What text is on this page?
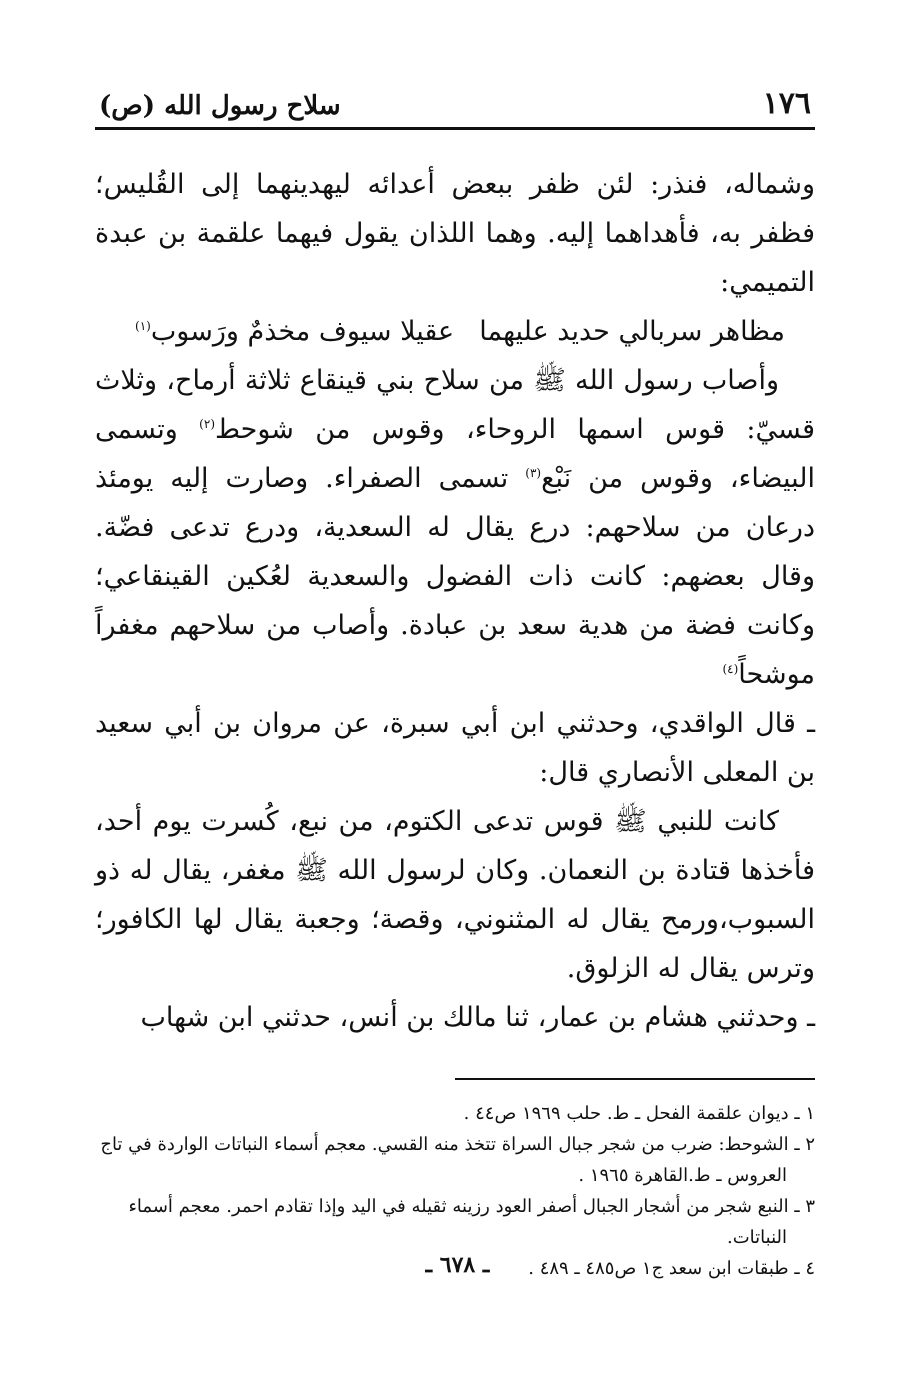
١٧٦
سلاح رسول الله (ص)

وشماله، فنذر: لئن ظفر ببعض أعدائه ليهدينهما إلى القُليس؛ فظفر به، فأهداهما إليه. وهما اللذان يقول فيهما علقمة بن عبدة التميمي:

مظاهر سربالي حديد عليهما
عقيلا سيوف مخذمٌ ورَسوب$^{(١)}$

وأصاب رسول الله ﷺ من سلاح بني قينقاع ثلاثة أرماح، وثلاث قسيّ: قوس اسمها الروحاء، وقوس من شوحط$^{(٢)}$ وتسمى البيضاء، وقوس من نَبْع$^{(٣)}$ تسمى الصفراء. وصارت إليه يومئذ درعان من سلاحهم: درع يقال له السعدية، ودرع تدعى فضّة. وقال بعضهم: كانت ذات الفضول والسعدية لعُكين القينقاعي؛ وكانت فضة من هدية سعد بن عبادة. وأصاب من سلاحهم مغفراً موشحاً$^{(٤)}$

ـ قال الواقدي، وحدثني ابن أبي سبرة، عن مروان بن أبي سعيد بن المعلى الأنصاري قال:

كانت للنبي ﷺ قوس تدعى الكتوم، من نبع، كُسرت يوم أحد، فأخذها قتادة بن النعمان. وكان لرسول الله ﷺ مغفر، يقال له ذو السبوب،ورمح يقال له المثنوني، وقصة؛ وجعبة يقال لها الكافور؛ وترس يقال له الزلوق.

ـ وحدثني هشام بن عمار، ثنا مالك بن أنس، حدثني ابن شهاب

١ ـ ديوان علقمة الفحل ـ ط. حلب ١٩٦٩ ص٤٤ .

٢ ـ الشوحط: ضرب من شجر جبال السراة تتخذ منه القسي. معجم أسماء النباتات الواردة في تاج العروس ـ ط.القاهرة ١٩٦٥ .

٣ ـ النبع شجر من أشجار الجبال أصفر العود رزينه ثقيله في اليد وإذا تقادم احمر. معجم أسماء النباتات.

٤ ـ طبقات ابن سعد ج١ ص٤٨٥ ـ ٤٨٩ .

ـ ٦٧٨ ـ
